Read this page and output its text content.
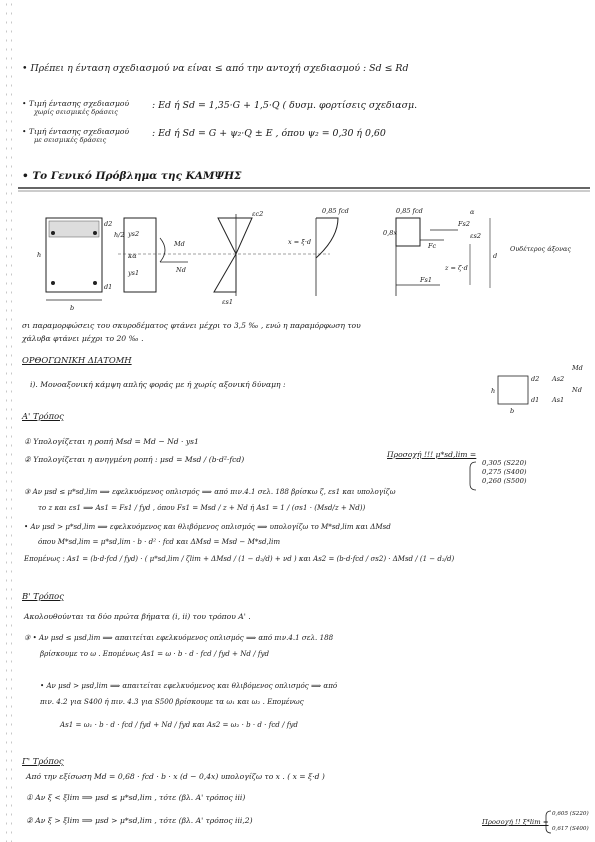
• Πρέπει η ένταση σχεδιασμού να είναι ≤ από την αντοχή σχεδιασμού : Sd ≤ Rd
• Τιμή έντασης σχεδιασμού
χωρίς σεισμικές δράσεις
: Ed ή Sd = 1,35·G + 1,5·Q ( δυσμ. φορτίσεις σχεδιασμ.
• Τιμή έντασης σχεδιασμού
με σεισμικές δράσεις
: Ed ή Sd = G + ψ₂·Q ± E , όπου ψ₂ = 0,30 ή 0,60
• Το Γενικό Πρόβλημα της ΚΑΜΨΗΣ
b
h
d2
d1
ys2
κα
ys1
h/2
Md
Nd
εc2
εs1
0,85 fcd
x = ξ·d
0,85 fcd
0,8x
Fc
Fs2
εs2
z = ζ·d
Fs1
d
α
Ουδέτερος άξονας
d2
d1
As2
As1
h
b
Md
Nd
σι παραμορφώσεις του σκυροδέματος φτάνει μέχρι το 3,5 ‰ , ενώ η παραμόρφωση του
χάλυβα φτάνει μέχρι το 20 ‰ .
ΟΡΘΟΓΩΝΙΚΗ ΔΙΑΤΟΜΗ
i). Μονοαξονική κάμψη απλής φοράς με ή χωρίς αξονική δύναμη :
Α' Τρόπος
① Υπολογίζεται η ροπή Msd = Md − Nd · ys1
② Υπολογίζεται η ανηγμένη ροπή : μsd = Msd / (b·d²·fcd)
Προσοχή !!! μ*sd,lim =
0,305 (S220)
0,275 (S400)
0,260 (S500)
③ Αν μsd ≤ μ*sd,lim ⟹ εφελκυόμενος οπλισμός ⟹ από πιν.4.1 σελ. 188 βρίσκω ζ, εs1 και υπολογίζω
το z και εs1 ⟹ As1 = Fs1 / fyd , όπου Fs1 = Msd / z + Nd ή As1 = 1 / (σs1 · (Msd/z + Nd))
• Αν μsd > μ*sd,lim ⟹ εφελκυόμενος και θλιβόμενος οπλισμός ⟹ υπολογίζω το M*sd,lim και ΔMsd
όπου M*sd,lim = μ*sd,lim · b · d² · fcd και ΔMsd = Msd − M*sd,lim
Επομένως : As1 = (b·d·fcd / fyd) · ( μ*sd,lim / ζlim + ΔMsd / (1 − d₂/d) + νd ) και As2 = (b·d·fcd / σs2) · ΔMsd / (1 − d₂/d)
Β' Τρόπος
Ακολουθούνται τα δύο πρώτα βήματα (i, ii) του τρόπου Α' .
③ • Αν μsd ≤ μsd,lim ⟹ απαιτείται εφελκυόμενος οπλισμός ⟹ από πιν.4.1 σελ. 188
βρίσκουμε το ω . Επομένως As1 = ω · b · d · fcd / fyd + Nd / fyd
• Αν μsd > μsd,lim ⟹ απαιτείται εφελκυόμενος και θλιβόμενος οπλισμός ⟹ από
πιν. 4.2 για S400 ή πιν. 4.3 για S500 βρίσκουμε τα ω₁ και ω₂ . Επομένως
As1 = ω₁ · b · d · fcd / fyd + Nd / fyd και As2 = ω₂ · b · d · fcd / fyd
Γ' Τρόπος
Από την εξίσωση Md = 0,68 · fcd · b · x (d − 0,4x) υπολογίζω το x . ( x = ξ·d )
① Αν ξ < ξlim ⟹ μsd ≤ μ*sd,lim , τότε (βλ. Α' τρόπος iii)
② Αν ξ > ξlim ⟹ μsd > μ*sd,lim , τότε (βλ. Α' τρόπος iii,2)	Προσοχή !! ξ*lim =
0,605 (S220)
0,617 (S400)
